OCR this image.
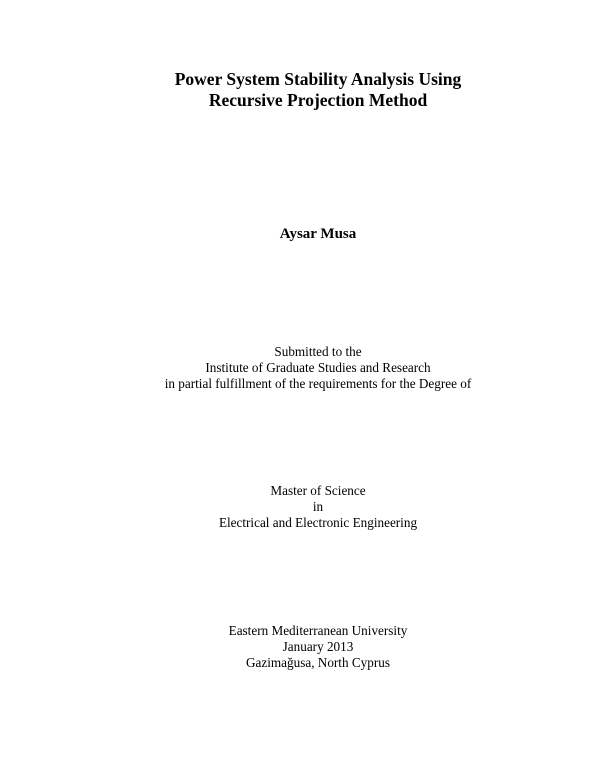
Power System Stability Analysis Using
Recursive Projection Method
Aysar Musa
Submitted to the
Institute of Graduate Studies and Research
in partial fulfillment of the requirements for the Degree of
Master of Science
in
Electrical and Electronic Engineering
Eastern Mediterranean University
January 2013
Gazimağusa, North Cyprus
